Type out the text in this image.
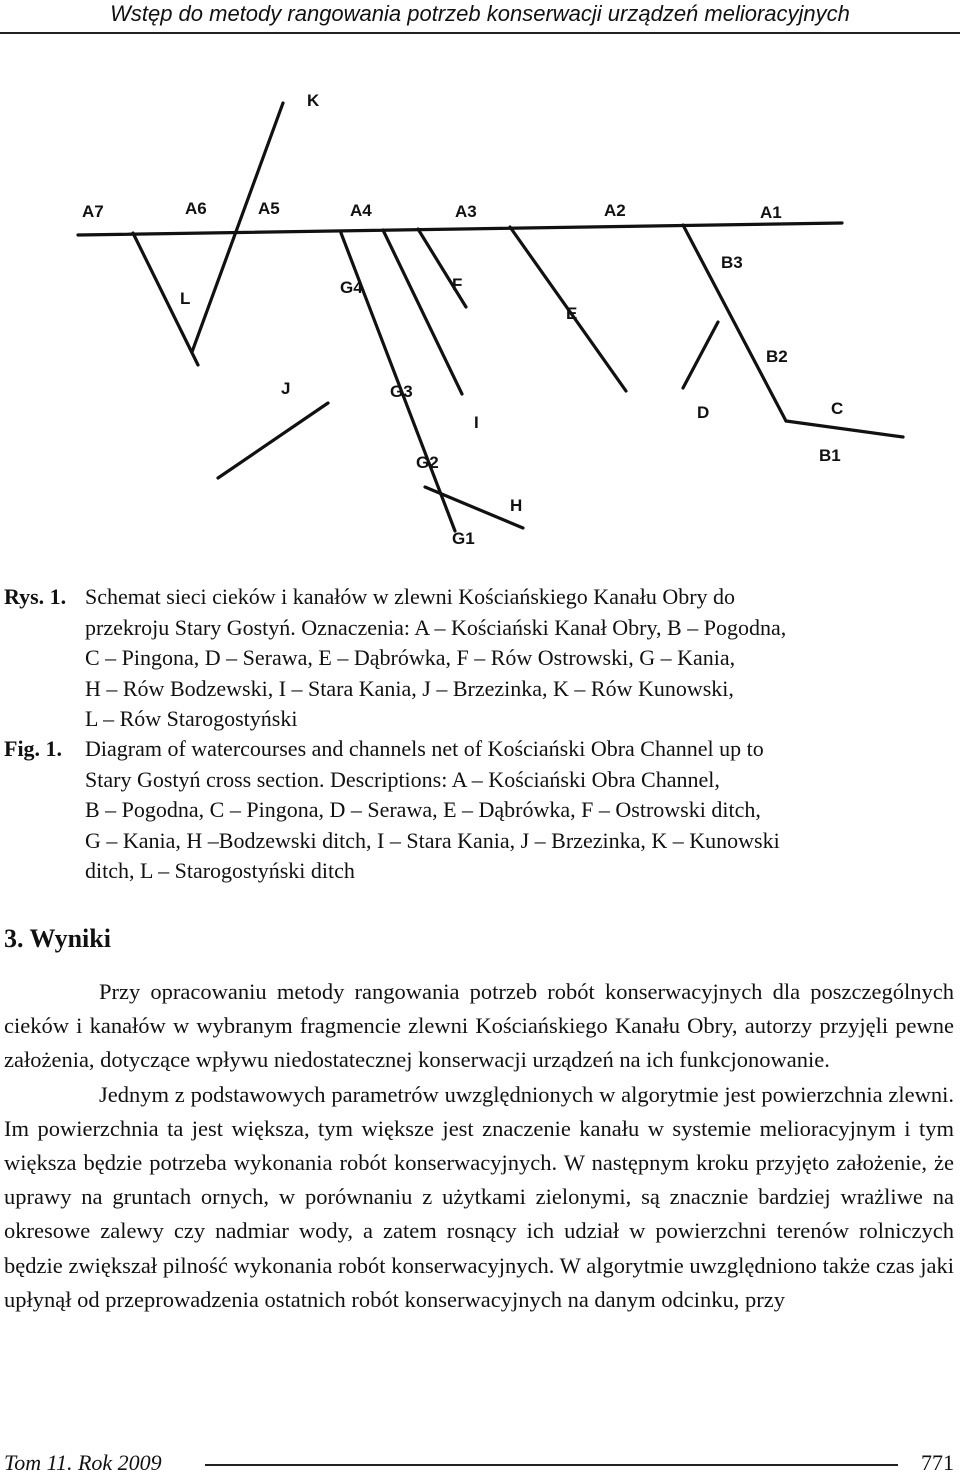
Wstęp do metody rangowania potrzeb konserwacji urządzeń melioracyjnych
K
A7	A6	A5	A4	A3	A2	A1
B3
L
G4	F
E
B2
J	G3
I
D	C
G2	B1
H
G1
Rys. 1. Schemat sieci cieków i kanałów w zlewni Kościańskiego Kanału Obry do
przekroju Stary Gostyń. Oznaczenia: A – Kościański Kanał Obry, B – Pogodna,
C – Pingona, D – Serawa, E – Dąbrówka, F – Rów Ostrowski, G – Kania,
H – Rów Bodzewski, I – Stara Kania, J – Brzezinka, K – Rów Kunowski,
L – Rów Starogostyński
Fig. 1. Diagram of watercourses and channels net of Kościański Obra Channel up to
Stary Gostyń cross section. Descriptions: A – Kościański Obra Channel,
B – Pogodna, C – Pingona, D – Serawa, E – Dąbrówka, F – Ostrowski ditch,
G – Kania, H –Bodzewski ditch, I – Stara Kania, J – Brzezinka, K – Kunowski
ditch, L – Starogostyński ditch
3. Wyniki

Przy opracowaniu metody rangowania potrzeb robót konserwacyjnych dla poszczególnych cieków i kanałów w wybranym fragmencie zlewni Kościańskiego Kanału Obry, autorzy przyjęli pewne założenia, dotyczące wpływu niedostatecznej konserwacji urządzeń na ich funkcjonowanie.

Jednym z podstawowych parametrów uwzględnionych w algorytmie jest powierzchnia zlewni. Im powierzchnia ta jest większa, tym większe jest znaczenie kanału w systemie melioracyjnym i tym większa będzie potrzeba wykonania robót konserwacyjnych. W następnym kroku przyjęto założenie, że uprawy na gruntach ornych, w porównaniu z użytkami zielonymi, są znacznie bardziej wrażliwe na okresowe zalewy czy nadmiar wody, a zatem rosnący ich udział w powierzchni terenów rolniczych będzie zwiększał pilność wykonania robót konserwacyjnych. W algorytmie uwzględniono także czas jaki upłynął od przeprowadzenia ostatnich robót konserwacyjnych na danym odcinku, przy

Tom 11. Rok 2009	771
